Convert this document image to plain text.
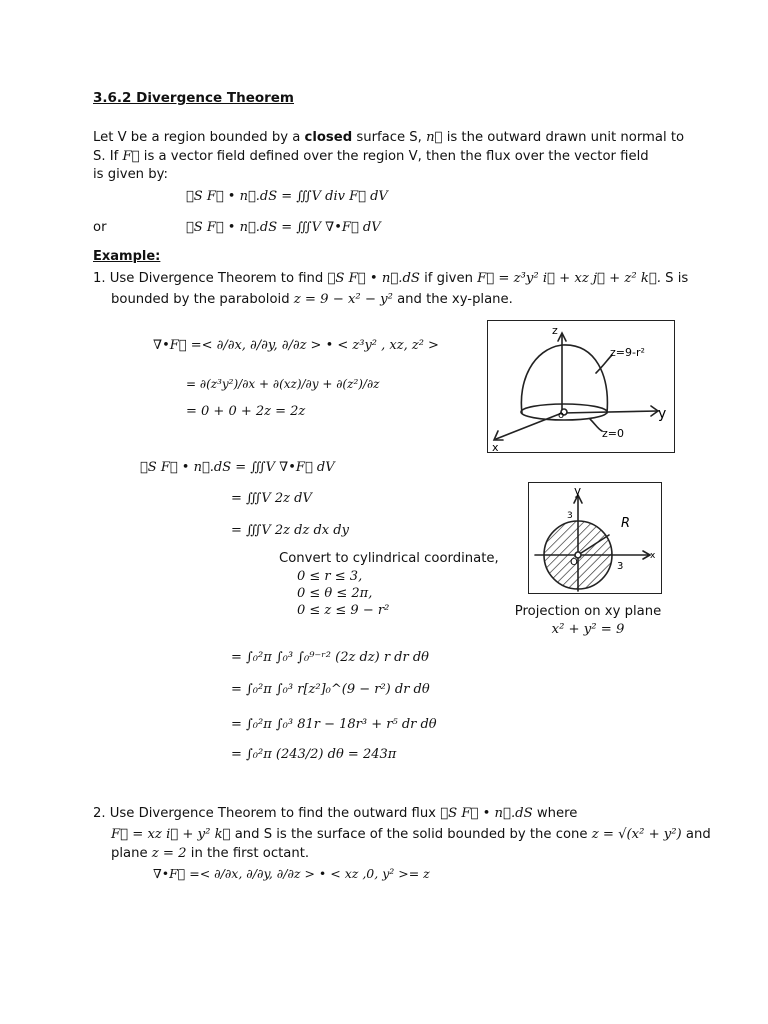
3.6.2 Divergence Theorem
Let V be a region bounded by a closed surface S, n⃗ is the outward drawn unit normal to
S. If F⃗ is a vector field defined over the region V, then the flux over the vector field
is given by:
∯S F⃗ • n⃗.dS = ∭V div F⃗ dV
or	∯S F⃗ • n⃗.dS = ∭V ∇•F⃗ dV
Example:
1. Use Divergence Theorem to find ∯S F⃗ • n⃗.dS if given F⃗ = z³y² i⃗ + xz j⃗ + z² k⃗. S is
bounded by the paraboloid z = 9 − x² − y² and the xy-plane.
∇•F⃗ =< ∂/∂x, ∂/∂y, ∂/∂z > • < z³y² , xz, z² >
= ∂(z³y²)/∂x + ∂(xz)/∂y + ∂(z²)/∂z
= 0 + 0 + 2z = 2z
∯S F⃗ • n⃗.dS = ∭V ∇•F⃗ dV
= ∭V 2z dV
= ∭V 2z dz dx dy
Convert to cylindrical coordinate,
0 ≤ r ≤ 3,
0 ≤ θ ≤ 2π,
0 ≤ z ≤ 9 − r²
= ∫₀²π ∫₀³ ∫₀⁹⁻ʳ² (2z dz) r dr dθ
= ∫₀²π ∫₀³ r[z²]₀^(9 − r²) dr dθ
= ∫₀²π ∫₀³ 81r − 18r³ + r⁵ dr dθ
= ∫₀²π (243/2) dθ = 243π
z
y
x
o
z=9-r²
z=0
y
x
R
O
3
3
Projection on xy plane
x² + y² = 9
2. Use Divergence Theorem to find the outward flux ∯S F⃗ • n⃗.dS where
F⃗ = xz i⃗ + y² k⃗ and S is the surface of the solid bounded by the cone z = √(x² + y²) and
plane z = 2 in the first octant.
∇•F⃗ =< ∂/∂x, ∂/∂y, ∂/∂z > • < xz ,0, y² >= z
